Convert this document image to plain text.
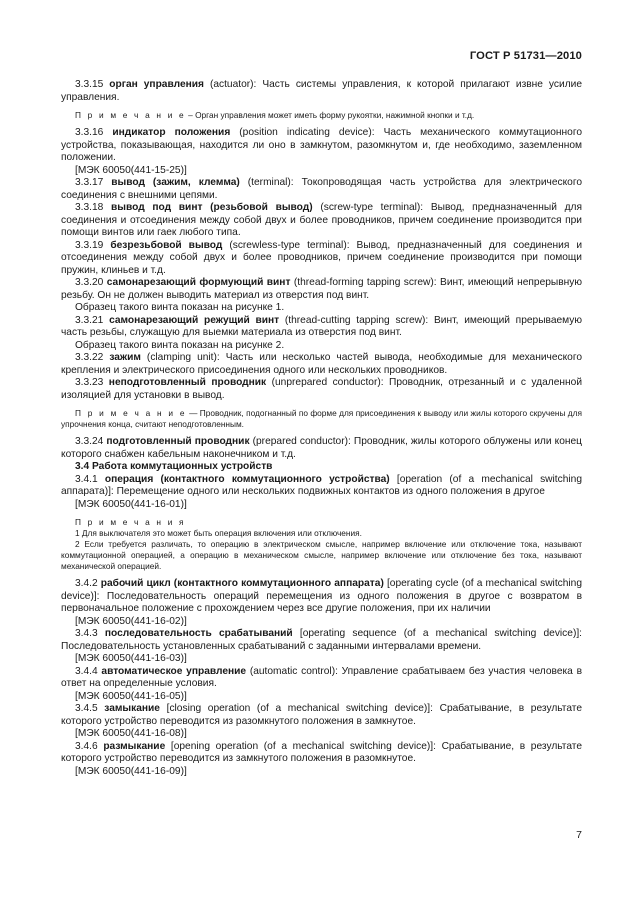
ГОСТ Р 51731—2010

3.3.15 орган управления (actuator): Часть системы управления, к которой прилагают извне усилие управления.

П р и м е ч а н и е – Орган управления может иметь форму рукоятки, нажимной кнопки и т.д.

3.3.16 индикатор положения (position indicating device): Часть механического коммутационного устройства, показывающая, находится ли оно в замкнутом, разомкнутом и, где необходимо, заземленном положении.

[МЭК 60050(441-15-25)]

3.3.17 вывод (зажим, клемма) (terminal): Токопроводящая часть устройства для электрического соединения с внешними цепями.

3.3.18 вывод под винт (резьбовой вывод) (screw-type terminal): Вывод, предназначенный для соединения и отсоединения между собой двух и более проводников, причем соединение производится при помощи винтов или гаек любого типа.

3.3.19 безрезьбовой вывод (screwless-type terminal): Вывод, предназначенный для соединения и отсоединения между собой двух и более проводников, причем соединение производится при помощи пружин, клиньев и т.д.

3.3.20 самонарезающий формующий винт (thread-forming tapping screw): Винт, имеющий непрерывную резьбу. Он не должен выводить материал из отверстия под винт.

Образец такого винта показан на рисунке 1.

3.3.21 самонарезающий режущий винт (thread-cutting tapping screw): Винт, имеющий прерываемую часть резьбы, служащую для выемки материала из отверстия под винт.

Образец такого винта показан на рисунке 2.

3.3.22 зажим (clamping unit): Часть или несколько частей вывода, необходимые для механического крепления и электрического присоединения одного или нескольких проводников.

3.3.23 неподготовленный проводник (unprepared conductor): Проводник, отрезанный и с удаленной изоляцией для установки в вывод.

П р и м е ч а н и е — Проводник, подогнанный по форме для присоединения к выводу или жилы которого скручены для упрочнения конца, считают неподготовленным.

3.3.24 подготовленный проводник (prepared conductor): Проводник, жилы которого облужены или конец которого снабжен кабельным наконечником и т.д.

3.4 Работа коммутационных устройств

3.4.1 операция (контактного коммутационного устройства) [operation (of a mechanical switching аппарата)]: Перемещение одного или нескольких подвижных контактов из одного положения в другое

[МЭК 60050(441-16-01)]

П р и м е ч а н и я

1 Для выключателя это может быть операция включения или отключения.

2 Если требуется различать, то операцию в электрическом смысле, например включение или отключение тока, называют коммутационной операцией, а операцию в механическом смысле, например включение или отключение без тока, называют механической операцией.

3.4.2 рабочий цикл (контактного коммутационного аппарата) [operating cycle (of a mechanical switching device)]: Последовательность операций перемещения из одного положения в другое с возвратом в первоначальное положение с прохождением через все другие положения, при их наличии

[МЭК 60050(441-16-02)]

3.4.3 последовательность срабатываний [operating sequence (of a mechanical switching device)]: Последовательность установленных срабатываний с заданными интервалами времени.

[МЭК 60050(441-16-03)]

3.4.4 автоматическое управление (automatic control): Управление срабатываем без участия человека в ответ на определенные условия.

[МЭК 60050(441-16-05)]

3.4.5 замыкание [closing operation (of a mechanical switching device)]: Срабатывание, в результате которого устройство переводится из разомкнутого положения в замкнутое.

[МЭК 60050(441-16-08)]

3.4.6 размыкание [opening operation (of a mechanical switching device)]: Срабатывание, в результате которого устройство переводится из замкнутого положения в разомкнутое.

[МЭК 60050(441-16-09)]

7
